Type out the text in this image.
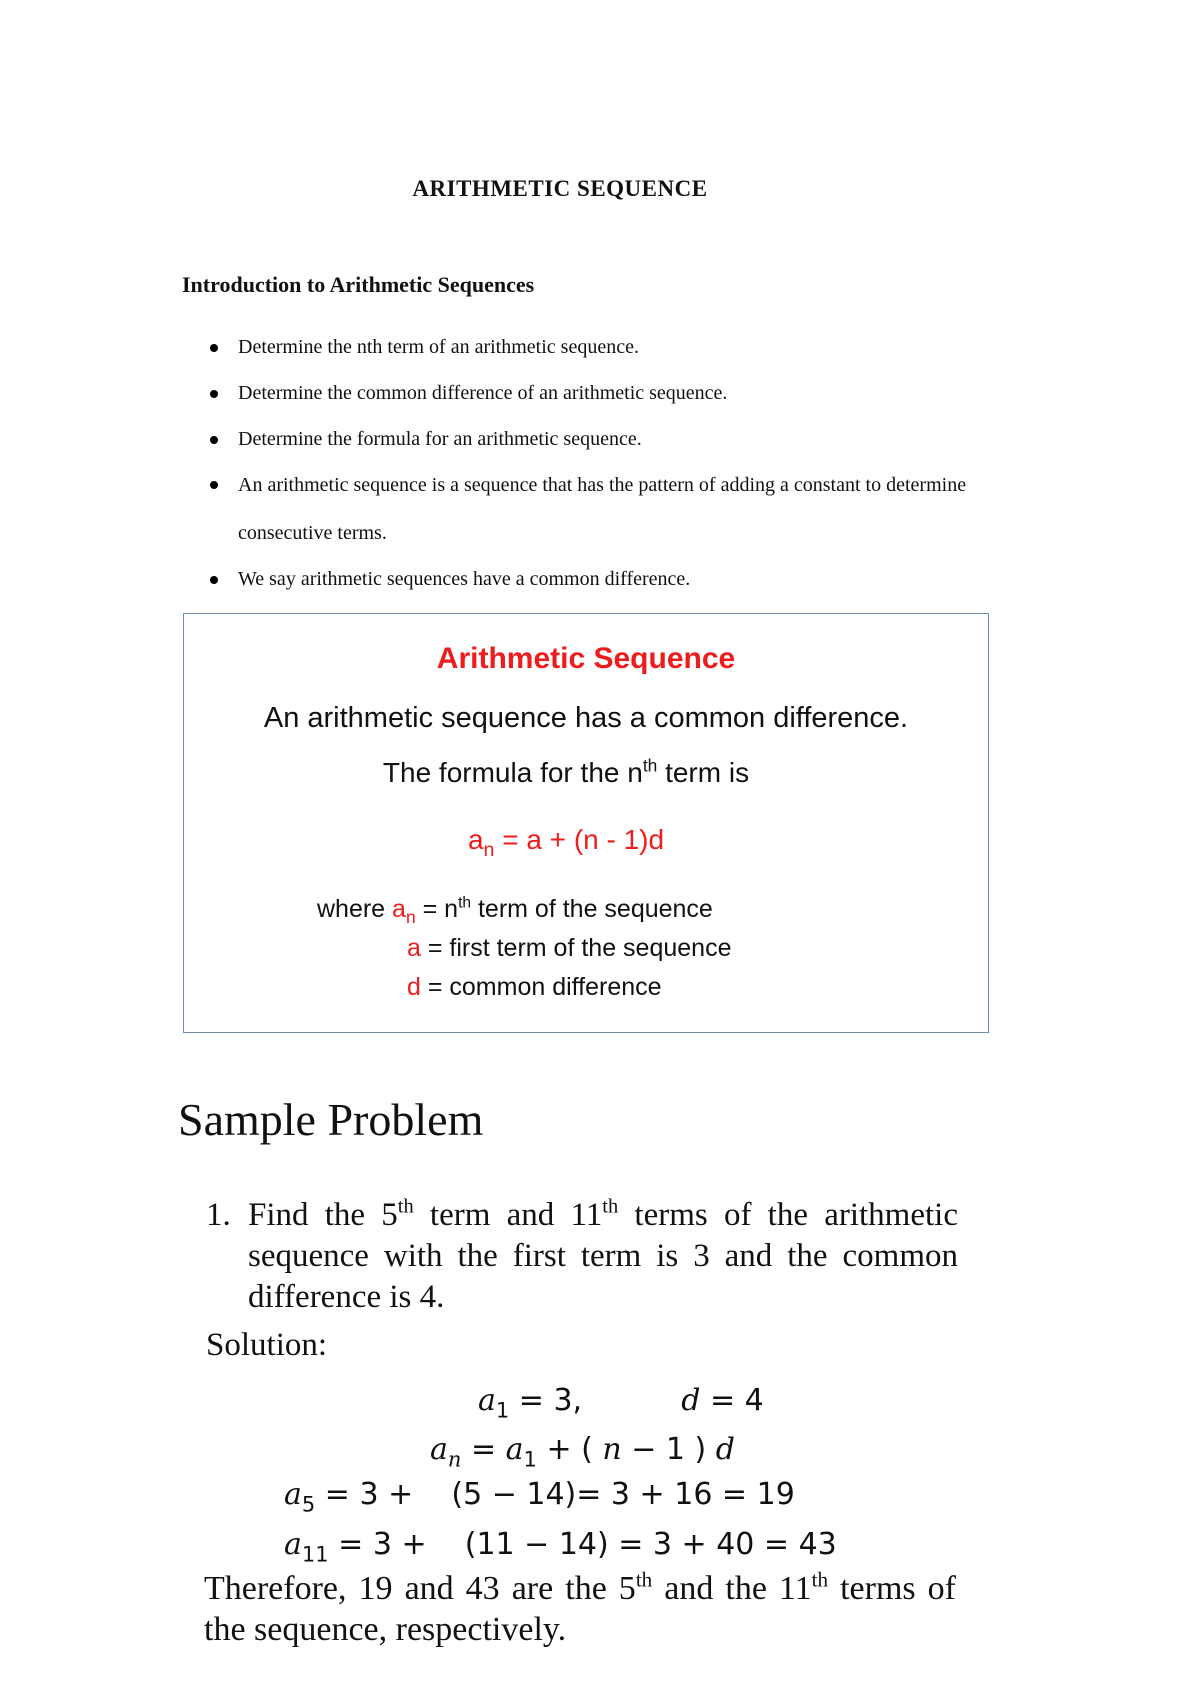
ARITHMETIC SEQUENCE
Introduction to Arithmetic Sequences
Determine the nth term of an arithmetic sequence.
Determine the common difference of an arithmetic sequence.
Determine the formula for an arithmetic sequence.
An arithmetic sequence is a sequence that has the pattern of adding a constant to determine consecutive terms.
We say arithmetic sequences have a common difference.
Arithmetic Sequence
An arithmetic sequence has a common difference.
The formula for the $n^{th}$ term is
$a_n = a + (n - 1)d$
where $a_n = n^{th}$ term of the sequence
a = first term of the sequence
d = common difference
Sample Problem
1. Find the 5th term and 11th terms of the arithmetic sequence with the first term is 3 and the common difference is 4.
Solution:
$a_1 = 3$,	d = 4
$a_n = a_1$ + ( n − 1 ) d
$a_5 = 3$ +    (5 − 14)= 3 + 16 = 19
$a_{11} = 3$ +    (11 − 14) = 3 + 40 = 43
Therefore, 19 and 43 are the 5th and the 11th terms of the sequence, respectively.
